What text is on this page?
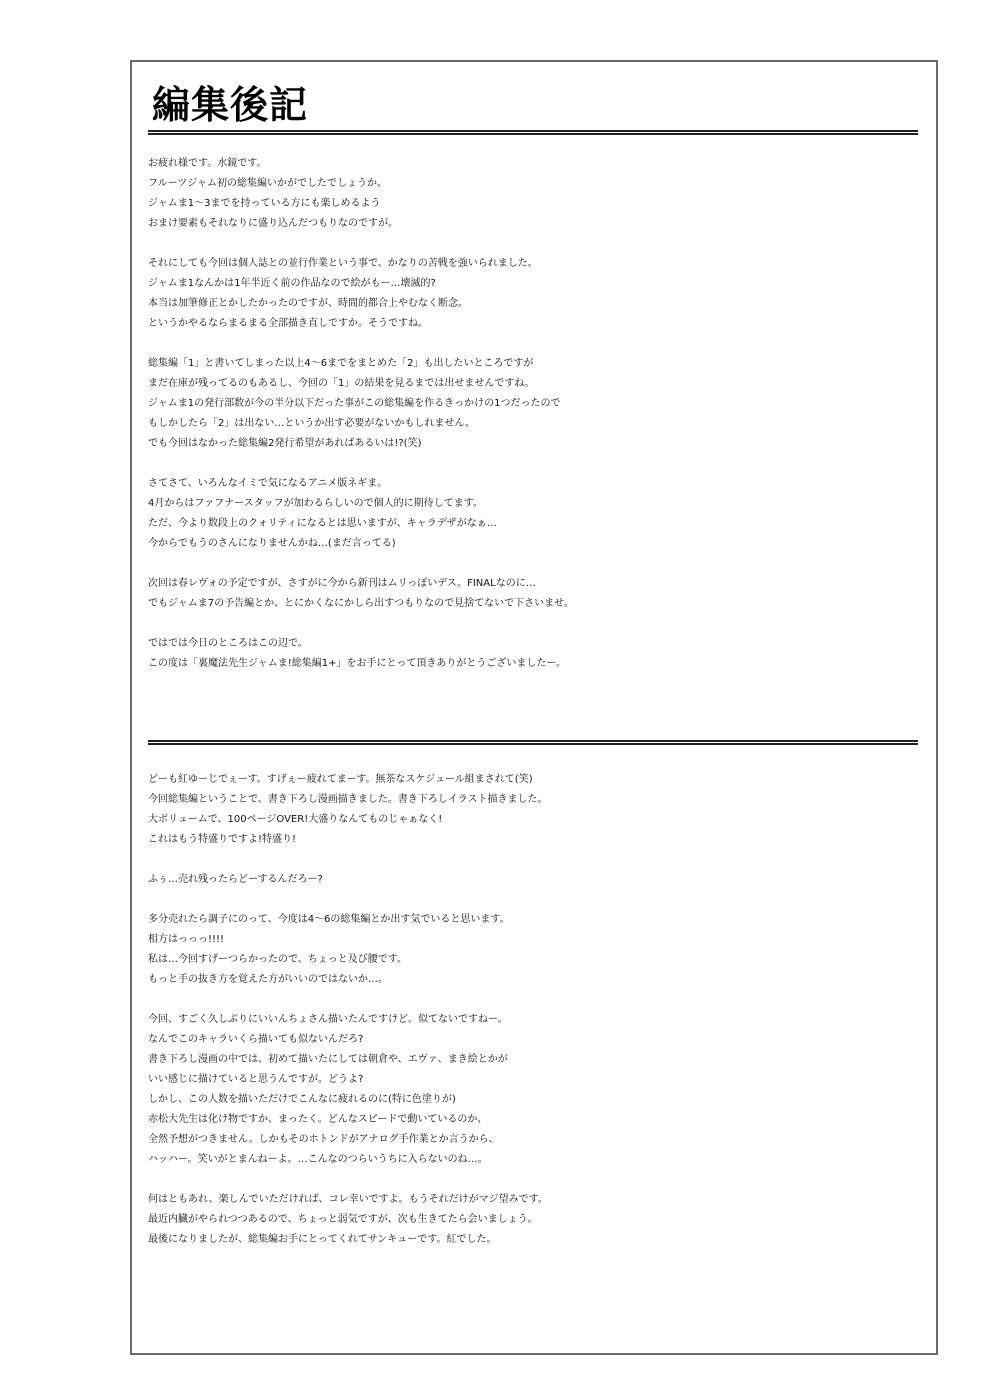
編集後記
お疲れ様です。水鏡です。
フルーツジャム初の総集編いかがでしたでしょうか。
ジャムま1〜3までを持っている方にも楽しめるよう
おまけ要素もそれなりに盛り込んだつもりなのですが。
それにしても今回は個人誌との並行作業という事で、かなりの苦戦を強いられました。
ジャムま1なんかは1年半近く前の作品なので絵がもー…壊滅的?
本当は加筆修正とかしたかったのですが、時間的都合上やむなく断念。
というかやるならまるまる全部描き直しですか。そうですね。
総集編「1」と書いてしまった以上4〜6までをまとめた「2」も出したいところですが
まだ在庫が残ってるのもあるし、今回の「1」の結果を見るまでは出せませんですね。
ジャムま1の発行部数が今の半分以下だった事がこの総集編を作るきっかけの1つだったので
もしかしたら「2」は出ない…というか出す必要がないかもしれません。
でも今回はなかった総集編2発行希望があればあるいは!?(笑)
さてさて、いろんなイミで気になるアニメ版ネギま。
4月からはファフナースタッフが加わるらしいので個人的に期待してます。
ただ、今より数段上のクォリティになるとは思いますが、キャラデザがなぁ…
今からでもうのさんになりませんかね…(まだ言ってる)
次回は春レヴォの予定ですが、さすがに今から新刊はムリっぽいデス。FINALなのに…
でもジャムま7の予告編とか、とにかくなにかしら出すつもりなので見捨てないで下さいませ。
ではでは今日のところはこの辺で。
この度は「裏魔法先生ジャムま!総集編1+」をお手にとって頂きありがとうございましたー。
どーも紅ゆーじでぇーす。すげぇー疲れてまーす。無茶なスケジュール組まされて(笑)
今回総集編ということで、書き下ろし漫画描きました。書き下ろしイラスト描きました。
大ボリュームで、100ページOVER!大盛りなんてものじゃぁなく!
これはもう特盛りですよ!特盛り!
ふぅ…売れ残ったらどーするんだろー?
多分売れたら調子にのって、今度は4〜6の総集編とか出す気でいると思います。
相方はっっっ!!!!
私は…今回すげーつらかったので、ちょっと及び腰です。
もっと手の抜き方を覚えた方がいいのではないか…。
今回、すごく久しぶりにいいんちょさん描いたんですけど。似てないですねー。
なんでこのキャラいくら描いても似ないんだろ?
書き下ろし漫画の中では、初めて描いたにしては朝倉や、エヴァ、まき絵とかが
いい感じに描けていると思うんですが。どうよ?
しかし、この人数を描いただけでこんなに疲れるのに(特に色塗りが)
赤松大先生は化け物ですか、まったく。どんなスピードで動いているのか、
全然予想がつきません。しかもそのホトンドがアナログ手作業とか言うから、
ハッハー。笑いがとまんねーよ。…こんなのつらいうちに入らないのね…。
何はともあれ、楽しんでいただければ、コレ幸いですよ。もうそれだけがマジ望みです。
最近内臓がやられつつあるので、ちょっと弱気ですが、次も生きてたら会いましょう。
最後になりましたが、総集編お手にとってくれてサンキューです。紅でした。
